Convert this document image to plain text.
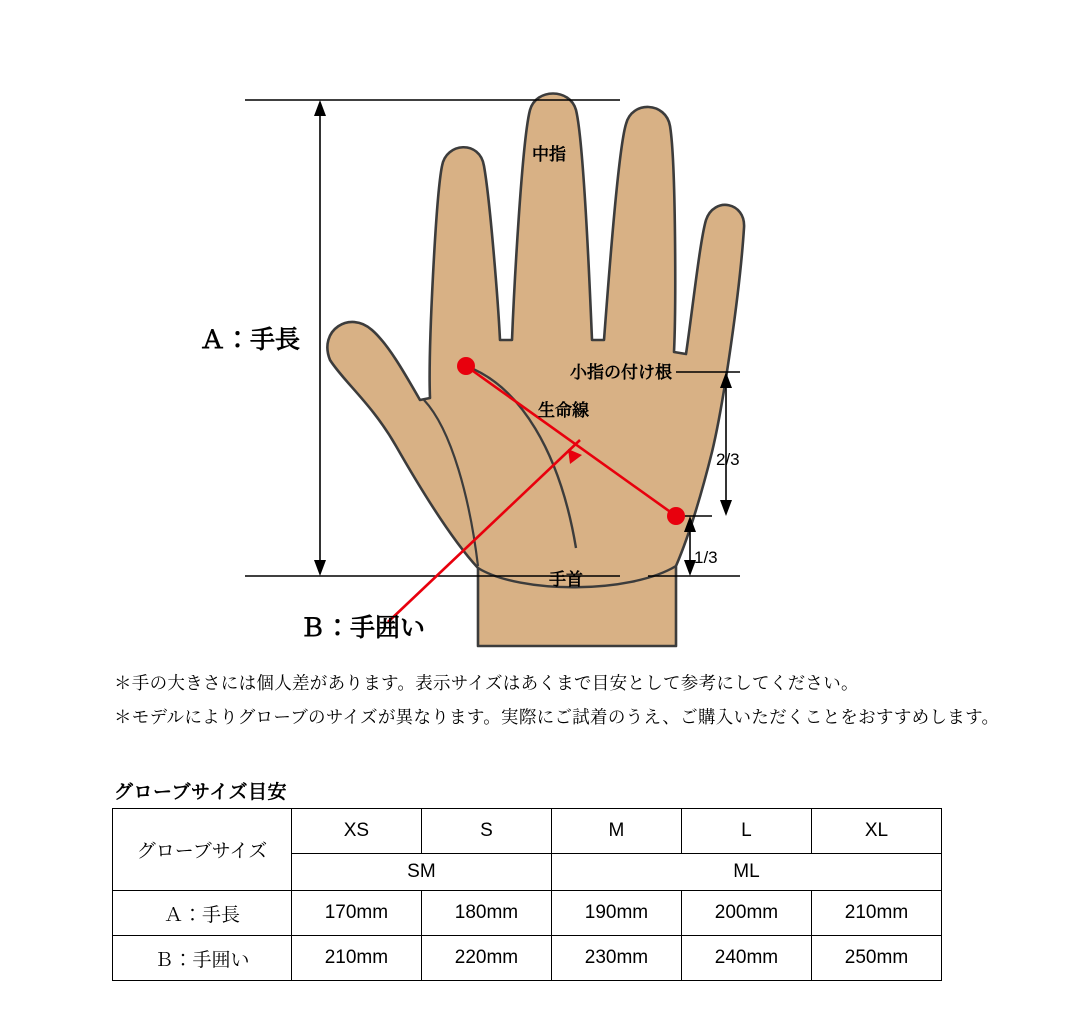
Ａ：手長
Ｂ：手囲い
中指
小指の付け根
生命線
手首
2/3
1/3
＊手の大きさには個人差があります。表示サイズはあくまで目安として参考にしてください。
＊モデルによりグローブのサイズが異なります。実際にご試着のうえ、ご購入いただくことをおすすめします。
グローブサイズ目安
グローブサイズ	XS	S	M	L	XL
	SM		ML		
Ａ：手長	170mm	180mm	190mm	200mm	210mm
Ｂ：手囲い	210mm	220mm	230mm	240mm	250mm
